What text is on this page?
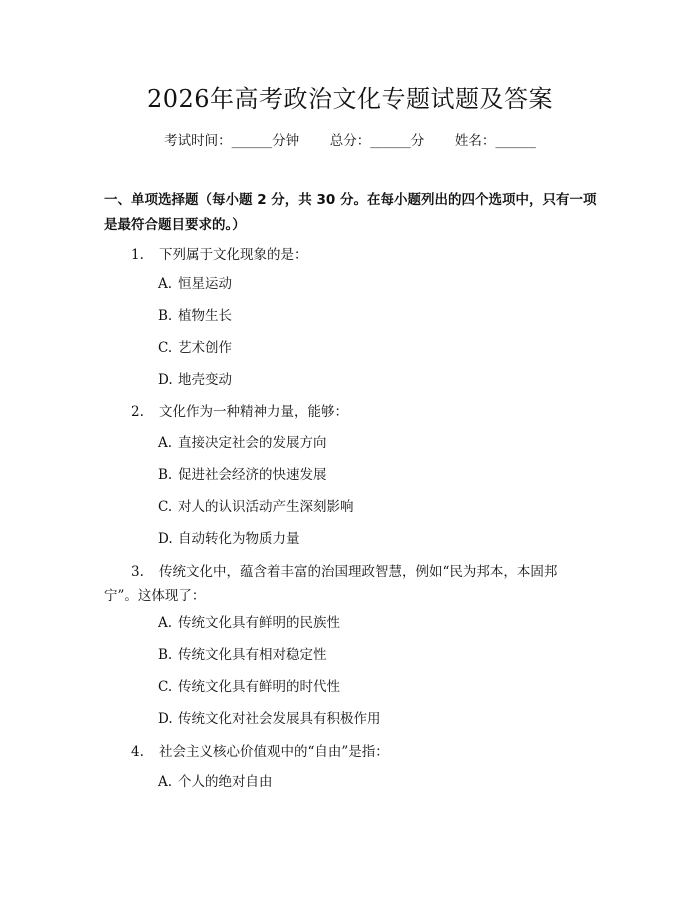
2026年高考政治文化专题试题及答案
考试时间：______分钟 总分：______分 姓名：______
一、单项选择题（每小题 2 分，共 30 分。在每小题列出的四个选项中，只有一项是最符合题目要求的。）
1. 下列属于文化现象的是：
A. 恒星运动
B. 植物生长
C. 艺术创作
D. 地壳变动
2. 文化作为一种精神力量，能够：
A. 直接决定社会的发展方向
B. 促进社会经济的快速发展
C. 对人的认识活动产生深刻影响
D. 自动转化为物质力量
3. 传统文化中，蕴含着丰富的治国理政智慧，例如“民为邦本，本固邦宁”。这体现了：
A. 传统文化具有鲜明的民族性
B. 传统文化具有相对稳定性
C. 传统文化具有鲜明的时代性
D. 传统文化对社会发展具有积极作用
4. 社会主义核心价值观中的“自由”是指：
A. 个人的绝对自由
